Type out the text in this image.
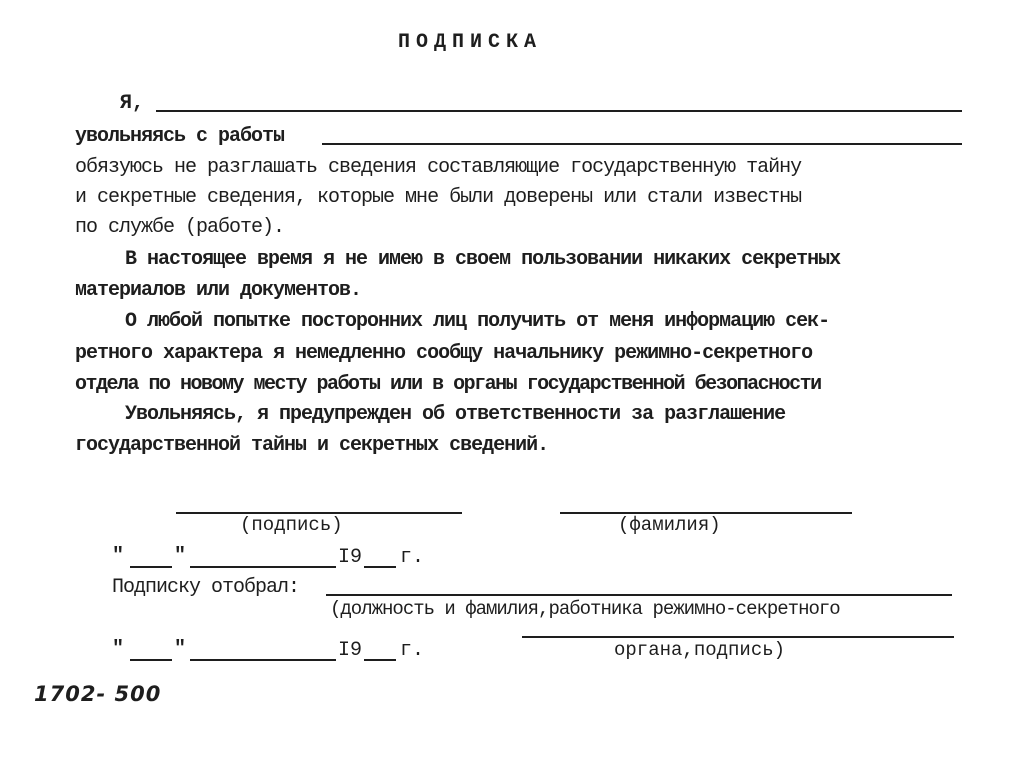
ПОДПИСКА
Я,
увольняясь с работы
обязуюсь не разглашать сведения составляющие государственную тайну
и секретные сведения, которые мне были доверены или стали известны
по службе (работе).
В настоящее время я не имею в своем пользовании никаких секретных
материалов или документов.
О любой попытке посторонних лиц получить от меня информацию сек-
ретного характера я немедленно сообщу начальнику режимно-секретного
отдела по новому месту работы или в органы государственной безопасности
Увольняясь, я предупрежден об ответственности за разглашение
государственной тайны и секретных сведений.
(подпись)	(фамилия)
" "	I9 г.
Подписку отобрал:
(должность и фамилия,работника режимно-секретного
" "	I9 г.	органа,подпись)
1702- 500
